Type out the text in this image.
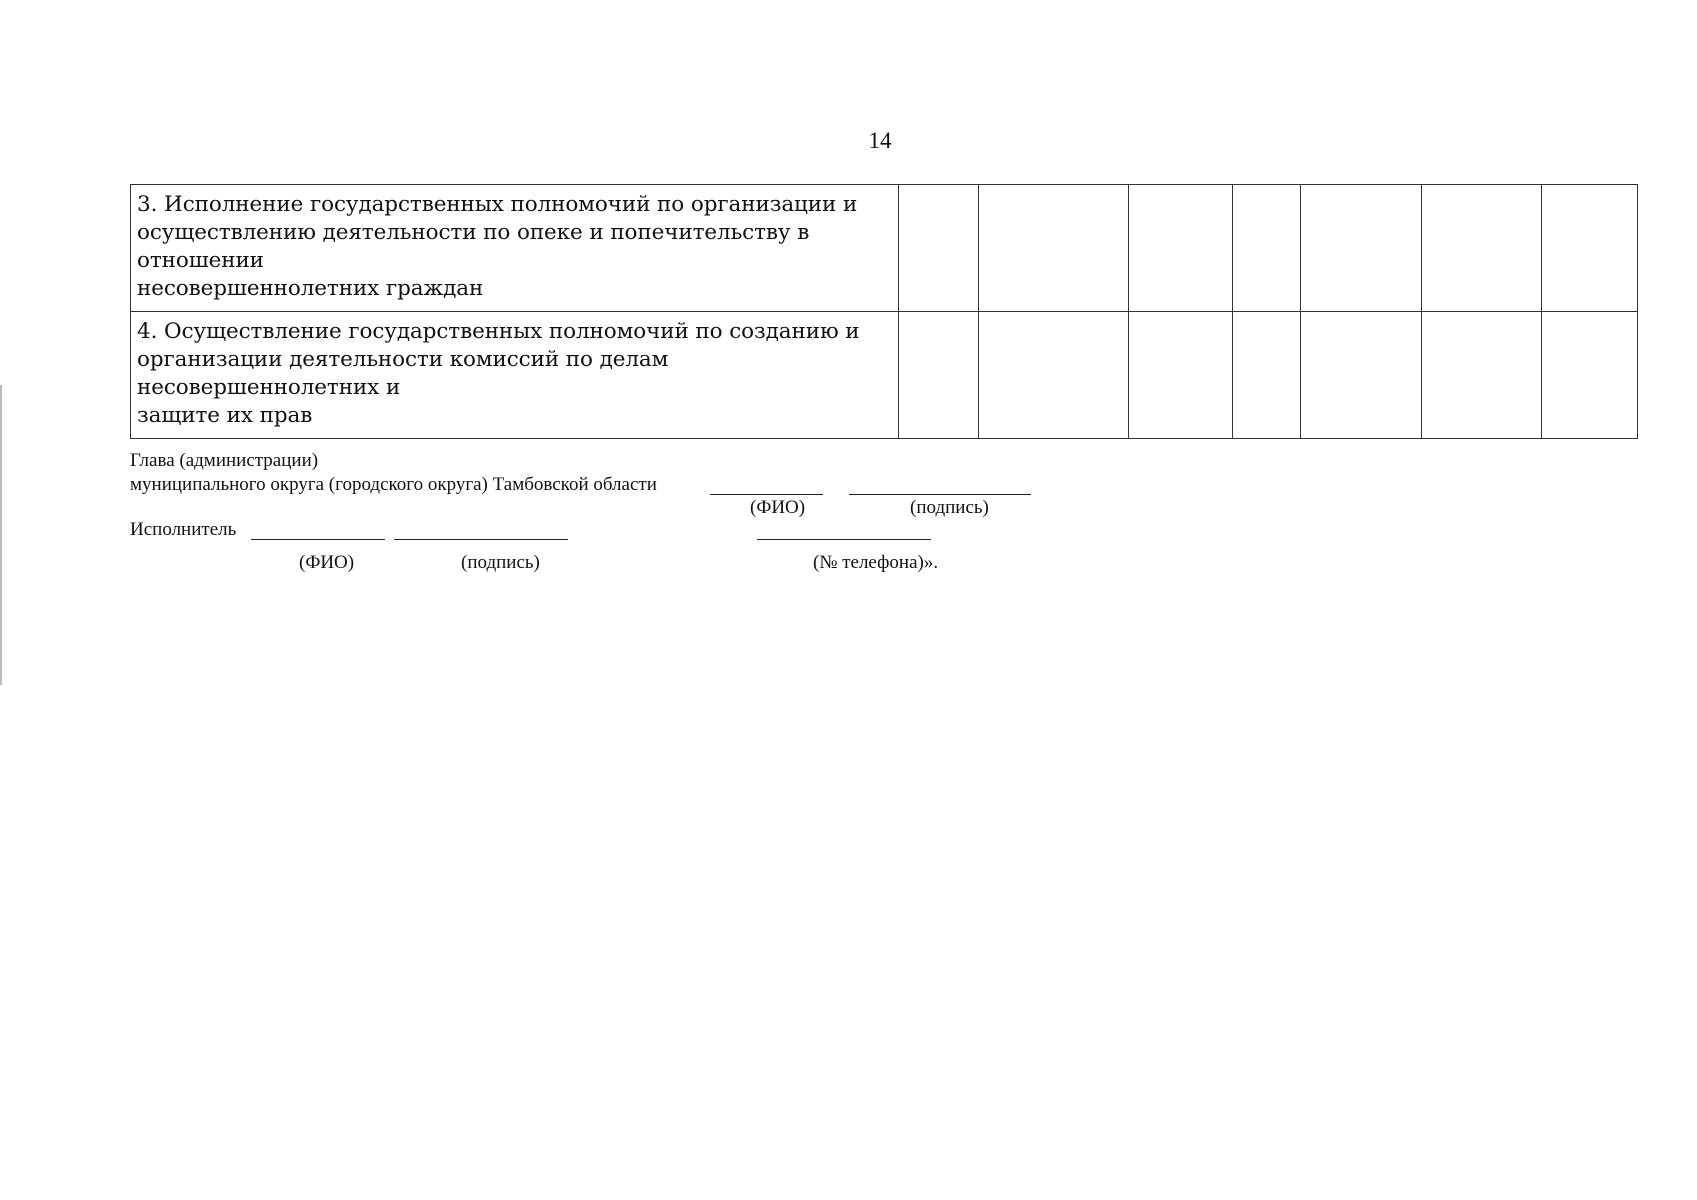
14
3. Исполнение государственных полномочий по организации и
осуществлению деятельности по опеке и попечительству в отношении
несовершеннолетних граждан							

4. Осуществление государственных полномочий по созданию и
организации деятельности комиссий по делам несовершеннолетних и
защите их прав							

Глава (администрации)
муниципального округа (городского округа) Тамбовской области
(ФИО)	(подпись)
Исполнитель
(ФИО)	(подпись)	(№ телефона)».
